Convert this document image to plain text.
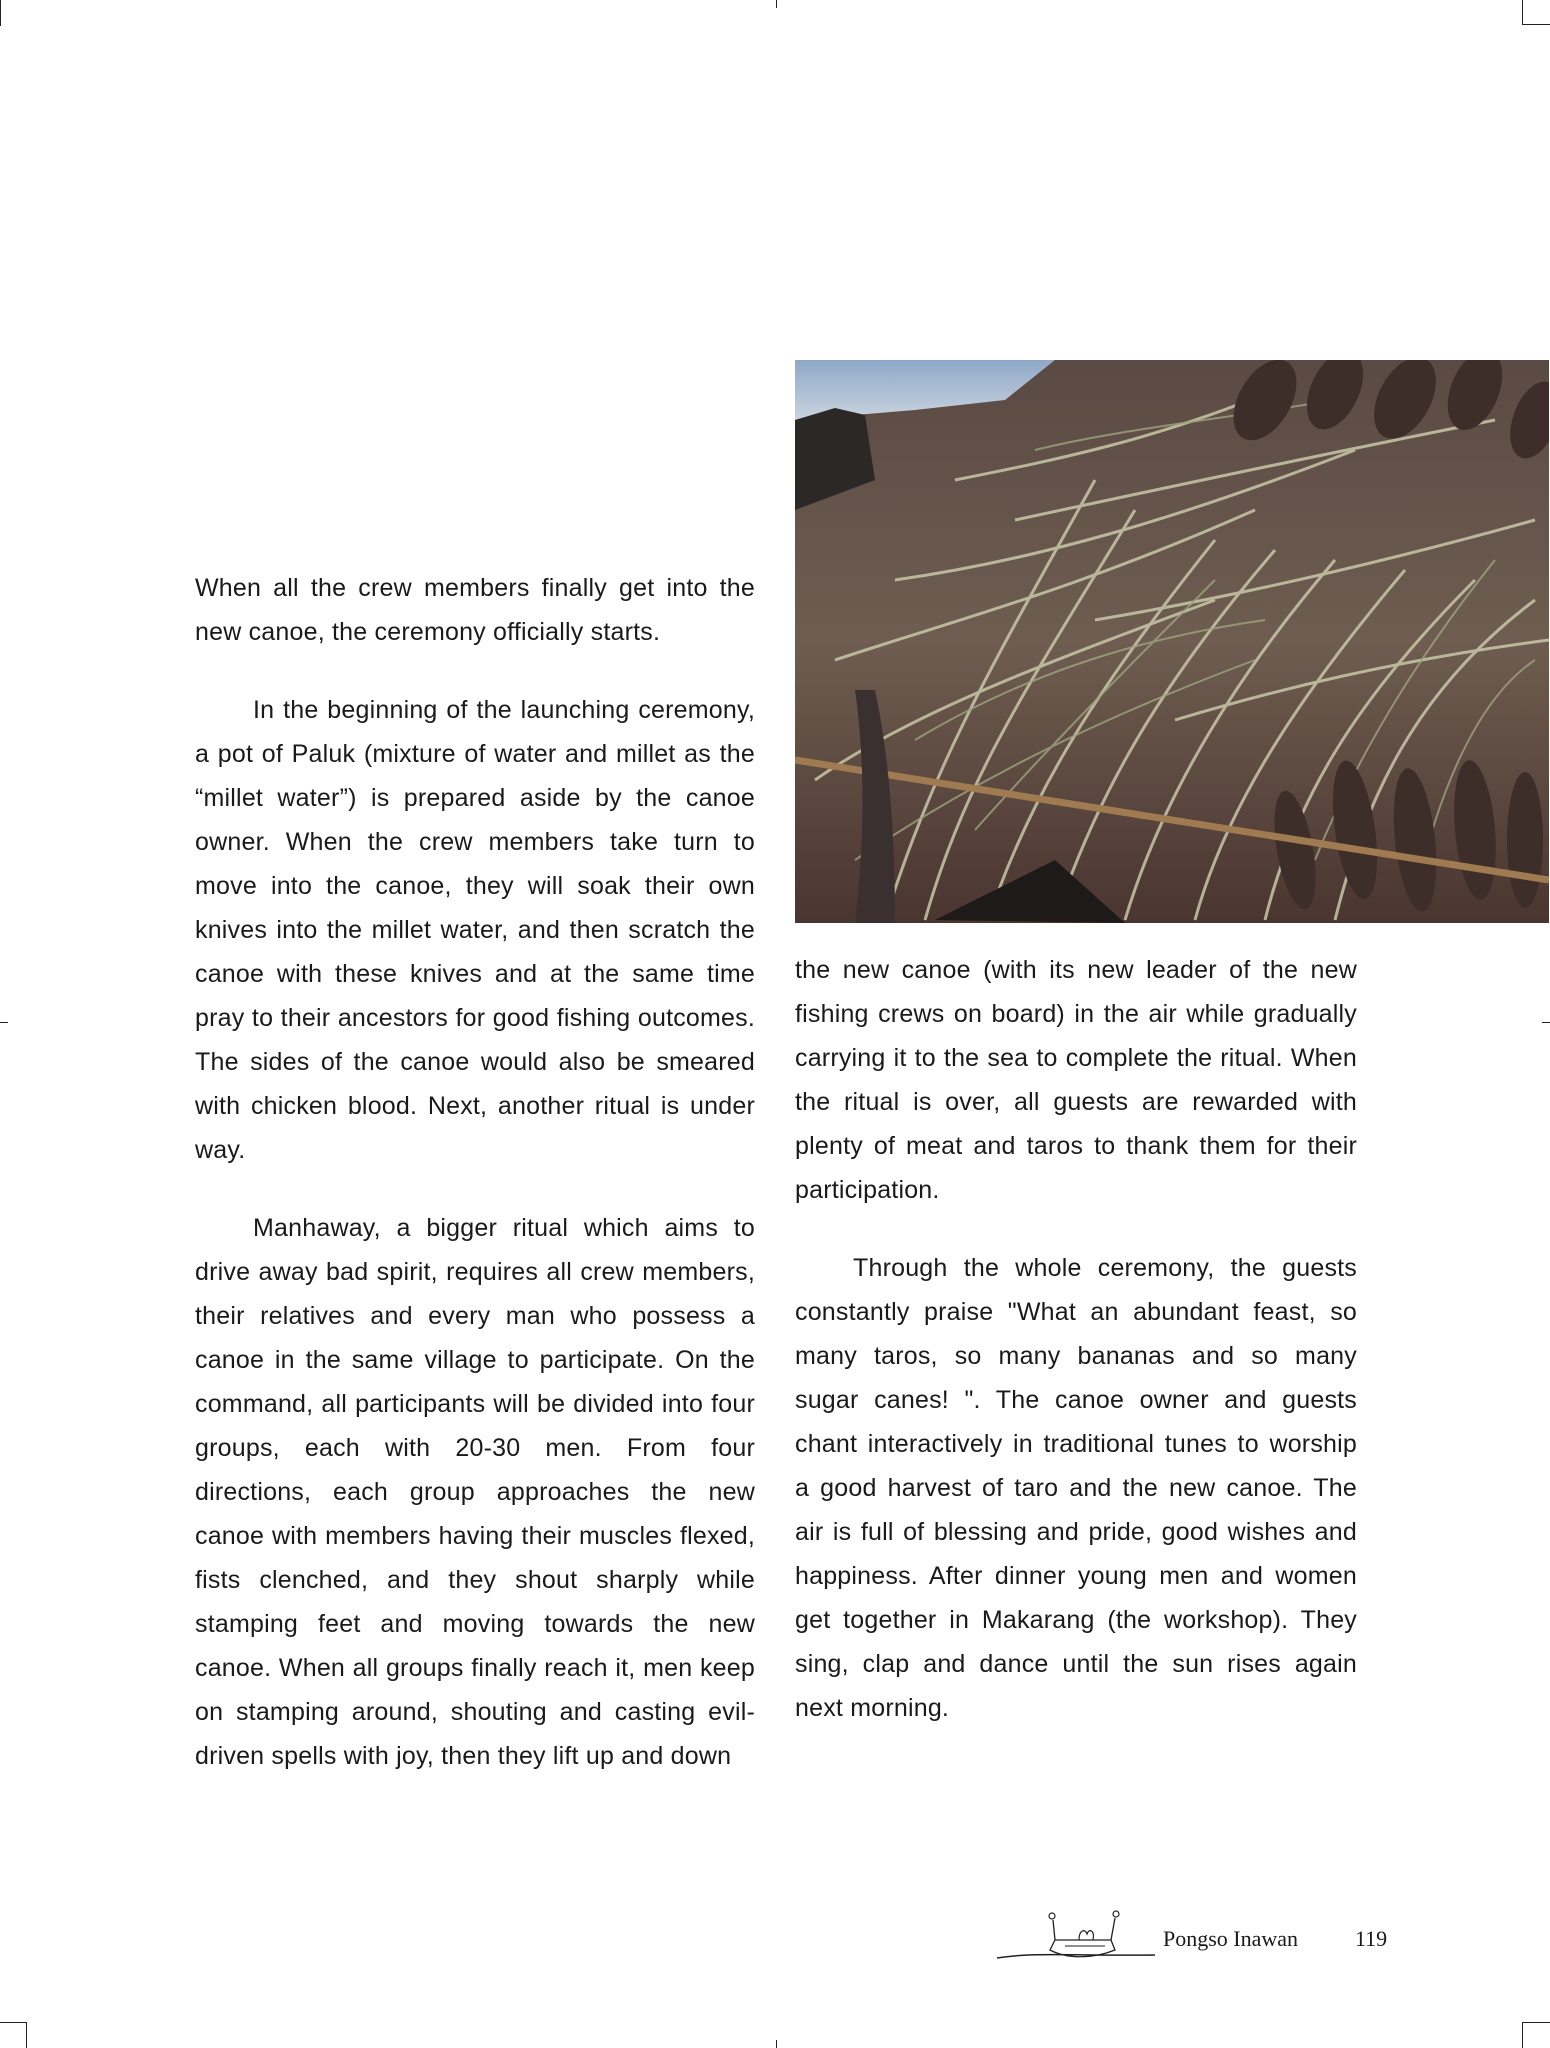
When all the crew members finally get into the new canoe, the ceremony officially starts.

In the beginning of the launching ceremony, a pot of Paluk (mixture of water and millet as the “millet water”) is prepared aside by the canoe owner. When the crew members take turn to move into the canoe, they will soak their own knives into the millet water, and then scratch the canoe with these knives and at the same time pray to their ancestors for good fishing outcomes. The sides of the canoe would also be smeared with chicken blood. Next, another ritual is under way.

Manhaway, a bigger ritual which aims to drive away bad spirit, requires all crew members, their relatives and every man who possess a canoe in the same village to participate. On the command, all participants will be divided into four groups, each with 20-30 men. From four directions, each group approaches the new canoe with members having their muscles flexed, fists clenched, and they shout sharply while stamping feet and moving towards the new canoe. When all groups finally reach it, men keep on stamping around, shouting and casting evil-driven spells with joy, then they lift up and down

the new canoe (with its new leader of the new fishing crews on board) in the air while gradually carrying it to the sea to complete the ritual. When the ritual is over, all guests are rewarded with plenty of meat and taros to thank them for their participation.

Through the whole ceremony, the guests constantly praise "What an abundant feast, so many taros, so many bananas and so many sugar canes! ". The canoe owner and guests chant interactively in traditional tunes to worship a good harvest of taro and the new canoe. The air is full of blessing and pride, good wishes and happiness. After dinner young men and women get together in Makarang (the workshop). They sing, clap and dance until the sun rises again next morning.

Pongso Inawan	119
